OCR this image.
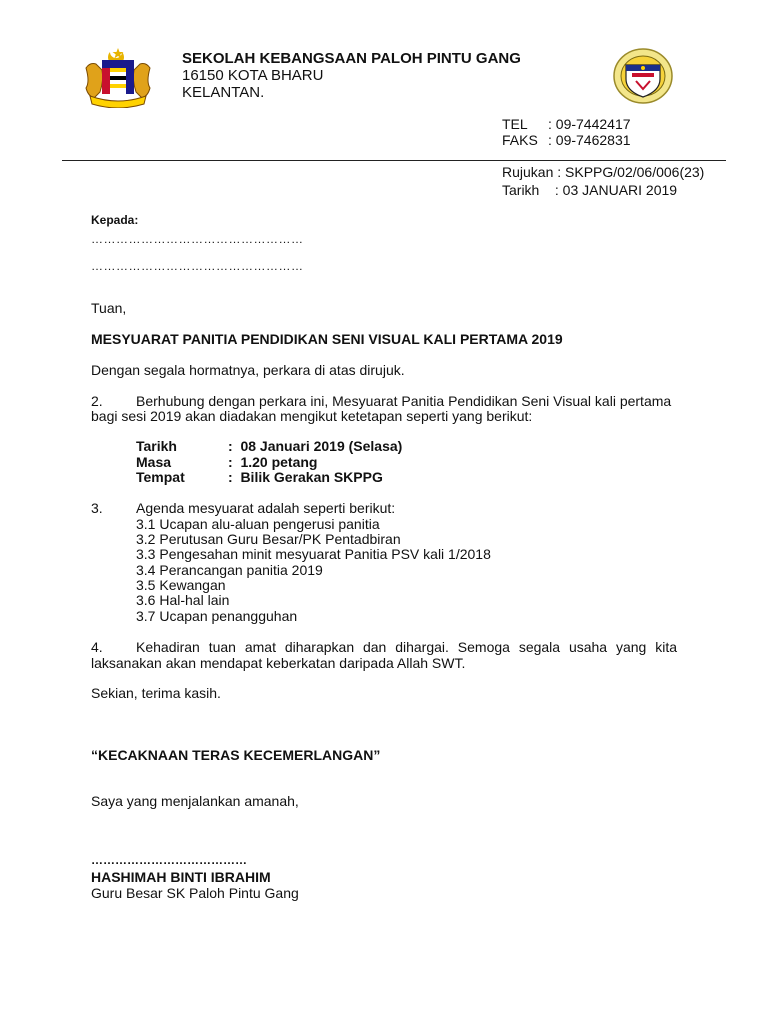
SEKOLAH KEBANGSAAN PALOH PINTU GANG
16150 KOTA BHARU
KELANTAN.
TEL : 09-7442417
FAKS : 09-7462831
Rujukan : SKPPG/02/06/006(23)
Tarikh    : 03 JANUARI 2019
Kepada:
……………………………………………
……………………………………………
Tuan,
MESYUARAT PANITIA PENDIDIKAN SENI VISUAL KALI PERTAMA 2019
Dengan segala hormatnya, perkara di atas dirujuk.
2. Berhubung dengan perkara ini, Mesyuarat Panitia Pendidikan Seni Visual kali pertama
bagi sesi 2019 akan diadakan mengikut ketetapan seperti yang berikut:
Tarikh	:  08 Januari 2019 (Selasa)
Masa	:  1.20 petang
Tempat	:  Bilik Gerakan SKPPG
3. Agenda mesyuarat adalah seperti berikut:
3.1 Ucapan alu-aluan pengerusi panitia
3.2 Perutusan Guru Besar/PK Pentadbiran
3.3 Pengesahan minit mesyuarat Panitia PSV kali 1/2018
3.4 Perancangan panitia 2019
3.5 Kewangan
3.6 Hal-hal lain
3.7 Ucapan penangguhan
4. Kehadiran tuan amat diharapkan dan dihargai. Semoga segala usaha yang kita
laksanakan akan mendapat keberkatan daripada Allah SWT.
Sekian, terima kasih.
“KECAKNAAN TERAS KECEMERLANGAN”
Saya yang menjalankan amanah,
…………………………………
HASHIMAH BINTI IBRAHIM
Guru Besar SK Paloh Pintu Gang
